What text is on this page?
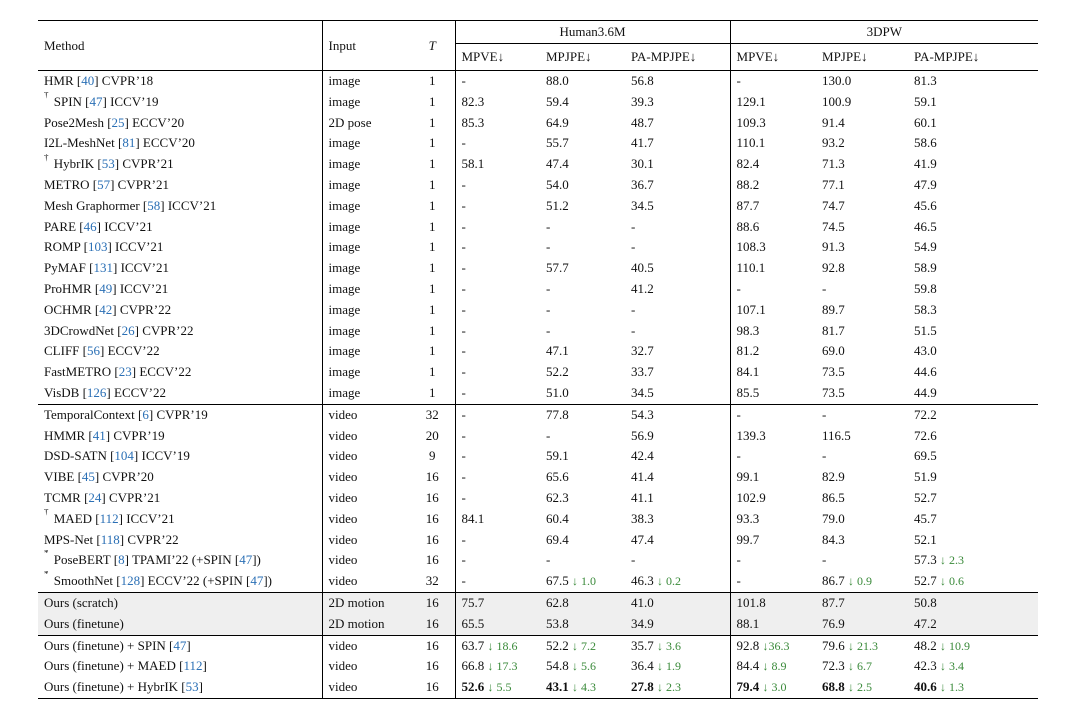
Method	Input	T	Human3.6M			3DPW		
			MPVE↓	MPJPE↓	PA-MPJPE↓	MPVE↓	MPJPE↓	PA-MPJPE↓
HMR [40] CVPR’18	image	1	-	88.0	56.8	-	130.0	81.3
† SPIN [47] ICCV’19	image	1	82.3	59.4	39.3	129.1	100.9	59.1
Pose2Mesh [25] ECCV’20	2D pose	1	85.3	64.9	48.7	109.3	91.4	60.1
I2L-MeshNet [81] ECCV’20	image	1	-	55.7	41.7	110.1	93.2	58.6
† HybrIK [53] CVPR’21	image	1	58.1	47.4	30.1	82.4	71.3	41.9
METRO [57] CVPR’21	image	1	-	54.0	36.7	88.2	77.1	47.9
Mesh Graphormer [58] ICCV’21	image	1	-	51.2	34.5	87.7	74.7	45.6
PARE [46] ICCV’21	image	1	-	-	-	88.6	74.5	46.5
ROMP [103] ICCV’21	image	1	-	-	-	108.3	91.3	54.9
PyMAF [131] ICCV’21	image	1	-	57.7	40.5	110.1	92.8	58.9
ProHMR [49] ICCV’21	image	1	-	-	41.2	-	-	59.8
OCHMR [42] CVPR’22	image	1	-	-	-	107.1	89.7	58.3
3DCrowdNet [26] CVPR’22	image	1	-	-	-	98.3	81.7	51.5
CLIFF [56] ECCV’22	image	1	-	47.1	32.7	81.2	69.0	43.0
FastMETRO [23] ECCV’22	image	1	-	52.2	33.7	84.1	73.5	44.6
VisDB [126] ECCV’22	image	1	-	51.0	34.5	85.5	73.5	44.9
TemporalContext [6] CVPR’19	video	32	-	77.8	54.3	-	-	72.2
HMMR [41] CVPR’19	video	20	-	-	56.9	139.3	116.5	72.6
DSD-SATN [104] ICCV’19	video	9	-	59.1	42.4	-	-	69.5
VIBE [45] CVPR’20	video	16	-	65.6	41.4	99.1	82.9	51.9
TCMR [24] CVPR’21	video	16	-	62.3	41.1	102.9	86.5	52.7
† MAED [112] ICCV’21	video	16	84.1	60.4	38.3	93.3	79.0	45.7
MPS-Net [118] CVPR’22	video	16	-	69.4	47.4	99.7	84.3	52.1
* PoseBERT [8] TPAMI’22 (+SPIN [47])	video	16	-	-	-	-	-	57.3 ↓ 2.3
* SmoothNet [128] ECCV’22 (+SPIN [47])	video	32	-	67.5 ↓ 1.0	46.3 ↓ 0.2	-	86.7 ↓ 0.9	52.7 ↓ 0.6
Ours (scratch)	2D motion	16	75.7	62.8	41.0	101.8	87.7	50.8
Ours (finetune)	2D motion	16	65.5	53.8	34.9	88.1	76.9	47.2
Ours (finetune) + SPIN [47]	video	16	63.7 ↓ 18.6	52.2 ↓ 7.2	35.7 ↓ 3.6	92.8 ↓36.3	79.6 ↓ 21.3	48.2 ↓ 10.9
Ours (finetune) + MAED [112]	video	16	66.8 ↓ 17.3	54.8 ↓ 5.6	36.4 ↓ 1.9	84.4 ↓ 8.9	72.3 ↓ 6.7	42.3 ↓ 3.4
Ours (finetune) + HybrIK [53]	video	16	52.6 ↓ 5.5	43.1 ↓ 4.3	27.8 ↓ 2.3	79.4 ↓ 3.0	68.8 ↓ 2.5	40.6 ↓ 1.3
